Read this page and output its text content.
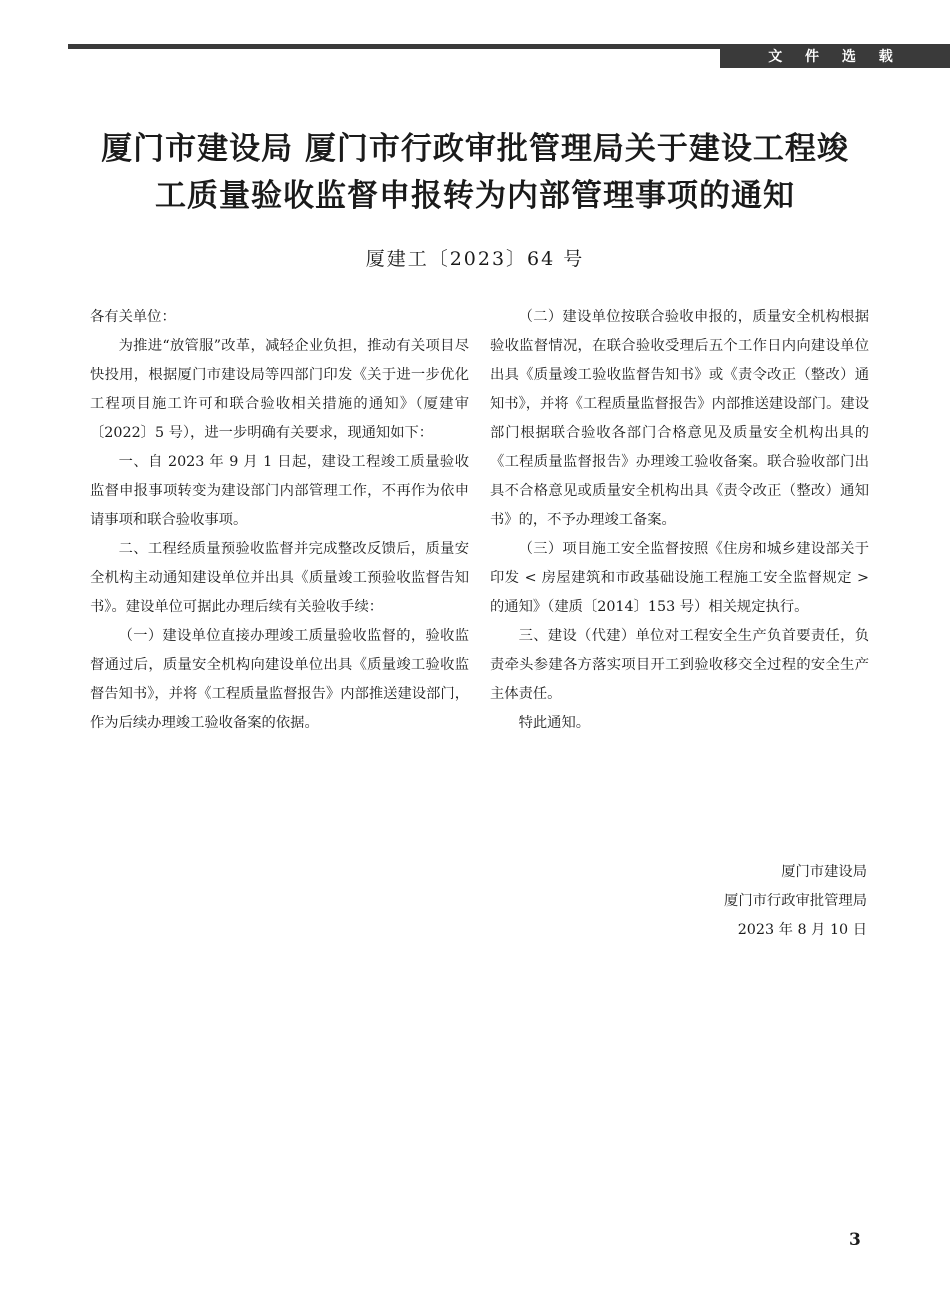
文 件 选 载
厦门市建设局 厦门市行政审批管理局关于建设工程竣
工质量验收监督申报转为内部管理事项的通知
厦建工〔2023〕64 号

各有关单位：

为推进“放管服”改革，减轻企业负担，推动有关项目尽快投用，根据厦门市建设局等四部门印发《关于进一步优化工程项目施工许可和联合验收相关措施的通知》（厦建审〔2022〕5 号），进一步明确有关要求，现通知如下：

一、自 2023 年 9 月 1 日起，建设工程竣工质量验收监督申报事项转变为建设部门内部管理工作，不再作为依申请事项和联合验收事项。

二、工程经质量预验收监督并完成整改反馈后，质量安全机构主动通知建设单位并出具《质量竣工预验收监督告知书》。建设单位可据此办理后续有关验收手续：

（一）建设单位直接办理竣工质量验收监督的，验收监督通过后，质量安全机构向建设单位出具《质量竣工验收监督告知书》，并将《工程质量监督报告》内部推送建设部门，作为后续办理竣工验收备案的依据。

（二）建设单位按联合验收申报的，质量安全机构根据验收监督情况，在联合验收受理后五个工作日内向建设单位出具《质量竣工验收监督告知书》或《责令改正（整改）通知书》，并将《工程质量监督报告》内部推送建设部门。建设部门根据联合验收各部门合格意见及质量安全机构出具的《工程质量监督报告》办理竣工验收备案。联合验收部门出具不合格意见或质量安全机构出具《责令改正（整改）通知书》的，不予办理竣工备案。

（三）项目施工安全监督按照《住房和城乡建设部关于印发 < 房屋建筑和市政基础设施工程施工安全监督规定 > 的通知》（建质〔2014〕153 号）相关规定执行。

三、建设（代建）单位对工程安全生产负首要责任，负责牵头参建各方落实项目开工到验收移交全过程的安全生产主体责任。

特此通知。

厦门市建设局
厦门市行政审批管理局
2023 年 8 月 10 日
3
